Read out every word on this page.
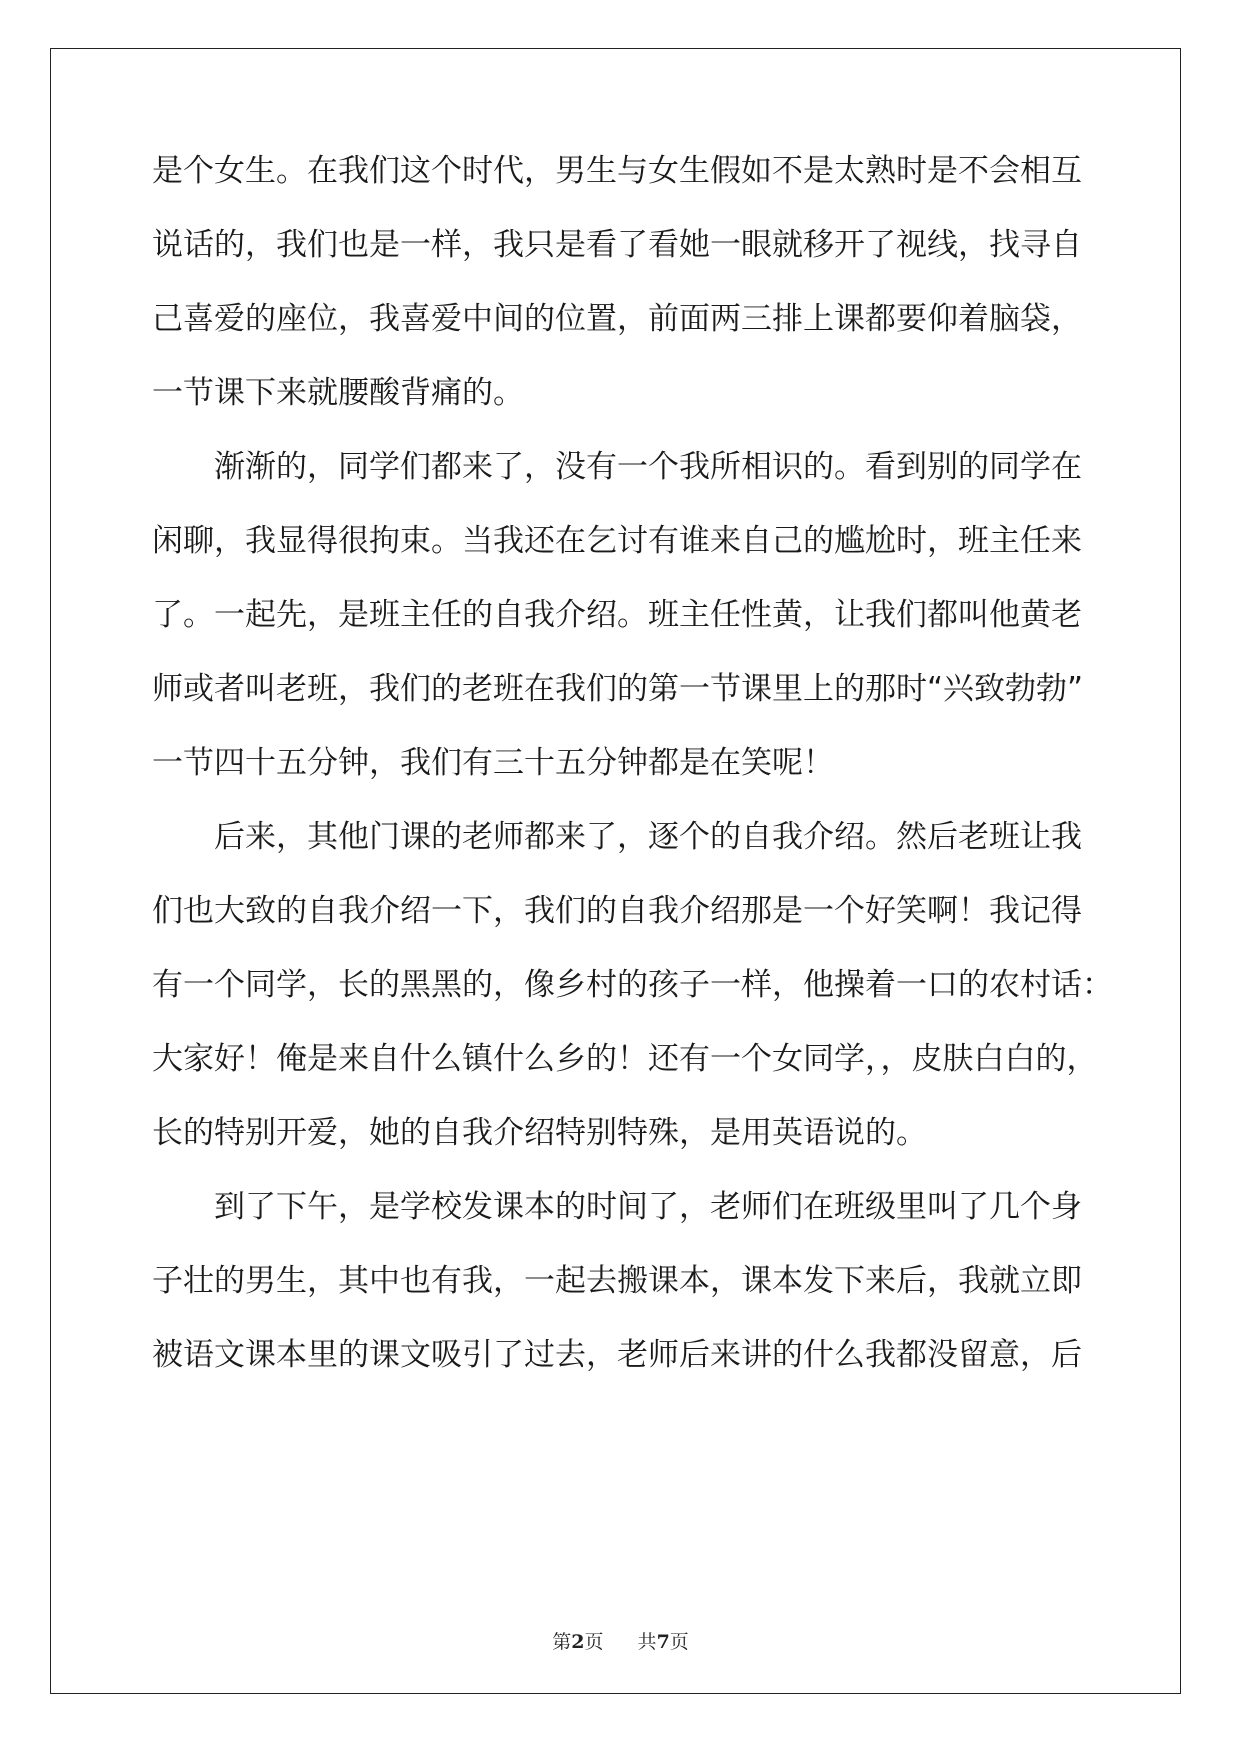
是个女生。在我们这个时代，男生与女生假如不是太熟时是不会相互
说话的，我们也是一样，我只是看了看她一眼就移开了视线，找寻自
己喜爱的座位，我喜爱中间的位置，前面两三排上课都要仰着脑袋，
一节课下来就腰酸背痛的。
　　渐渐的，同学们都来了，没有一个我所相识的。看到别的同学在
闲聊，我显得很拘束。当我还在乞讨有谁来自己的尴尬时，班主任来
了。一起先，是班主任的自我介绍。班主任性黄，让我们都叫他黄老
师或者叫老班，我们的老班在我们的第一节课里上的那时“兴致勃勃”
一节四十五分钟，我们有三十五分钟都是在笑呢！
　　后来，其他门课的老师都来了，逐个的自我介绍。然后老班让我
们也大致的自我介绍一下，我们的自我介绍那是一个好笑啊！我记得
有一个同学，长的黑黑的，像乡村的孩子一样，他操着一口的农村话：
大家好！俺是来自什么镇什么乡的！还有一个女同学，，皮肤白白的，
长的特别开爱，她的自我介绍特别特殊，是用英语说的。
　　到了下午，是学校发课本的时间了，老师们在班级里叫了几个身
子壮的男生，其中也有我，一起去搬课本，课本发下来后，我就立即
被语文课本里的课文吸引了过去，老师后来讲的什么我都没留意，后
第2页 共7页
